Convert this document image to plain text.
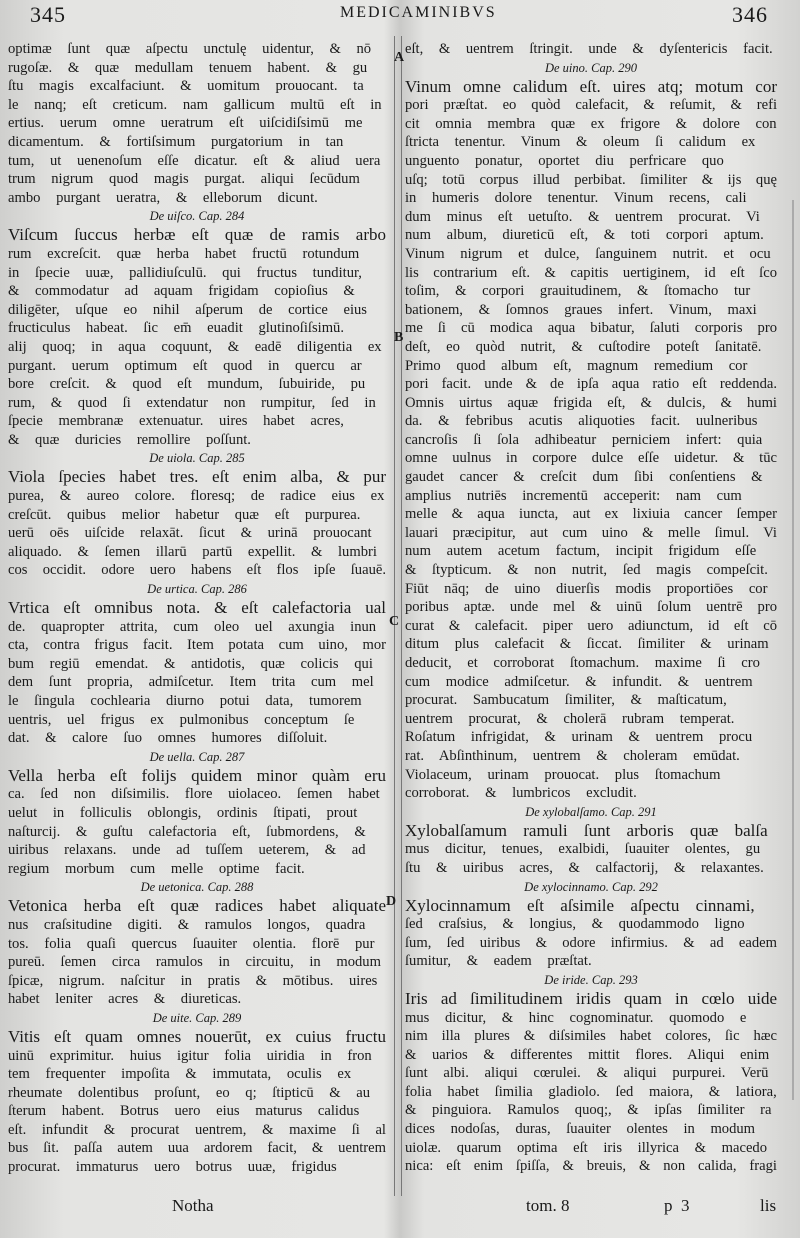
345	MEDICAMINIBVS	346
optimæ ſunt quæ aſpectu unctulę uidentur, & nō
rugoſæ. & quæ medullam tenuem habent. & gu
ſtu magis excalfaciunt. & uomitum prouocant. ta
le nanq; eſt creticum. nam gallicum multū eſt in
ertius. uerum omne ueratrum eſt uiſcidiſsimū me
dicamentum. & fortiſsimum purgatorium in tan
tum, ut uenenoſum eſſe dicatur. eſt & aliud uera
trum nigrum quod magis purgat. aliqui ſecūdum
ambo purgant ueratra, & elleborum dicunt.
De uiſco. Cap. 284
Viſcum ſuccus herbæ eſt quæ de ramis arbo
rum excreſcit. quæ herba habet fructū rotundum
in ſpecie uuæ, pallidiuſculū. qui fructus tunditur,
& commodatur ad aquam frigidam copioſius &
diligēter, uſque eo nihil aſperum de cortice eius
fructiculus habeat. ſic em̄ euadit glutinoſiſsimū.
alij quoq; in aqua coquunt, & eadē diligentia ex
purgant. uerum optimum eſt quod in quercu ar
bore creſcit. & quod eſt mundum, ſubuiride, pu
rum, & quod ſi extendatur non rumpitur, ſed in
ſpecie membranæ extenuatur. uires habet acres,
& quæ duricies remollire poſſunt.
De uiola. Cap. 285
Viola ſpecies habet tres. eſt enim alba, & pur
purea, & aureo colore. floresq; de radice eius ex
creſcūt. quibus melior habetur quæ eſt purpurea.
uerū oēs uiſcide relaxāt. ſicut & urinā prouocant
aliquado. & ſemen illarū partū expellit. & lumbri
cos occidit. odore uero habens eſt flos ipſe ſuauē.
De urtica. Cap. 286
Vrtica eſt omnibus nota. & eſt calefactoria ual
de. quapropter attrita, cum oleo uel axungia inun
cta, contra frigus facit. Item potata cum uino, mor
bum regiū emendat. & antidotis, quæ colicis qui
dem ſunt propria, admiſcetur. Item trita cum mel
le ſingula cochlearia diurno potui data, tumorem
uentris, uel frigus ex pulmonibus conceptum ſe
dat. & calore ſuo omnes humores diſſoluit.
De uella. Cap. 287
Vella herba eſt folijs quidem minor quàm eru
ca. ſed non diſsimilis. flore uiolaceo. ſemen habet
uelut in folliculis oblongis, ordinis ſtipati, prout
naſturcij. & guſtu calefactoria eſt, ſubmordens, &
uiribus relaxans. unde ad tuſſem ueterem, & ad
regium morbum cum melle optime facit.
De uetonica. Cap. 288
Vetonica herba eſt quæ radices habet aliquate
nus craſsitudine digiti. & ramulos longos, quadra
tos. folia quaſi quercus ſuauiter olentia. florē pur
pureū. ſemen circa ramulos in circuitu, in modum
ſpicæ, nigrum. naſcitur in pratis & mōtibus. uires
habet leniter acres & diureticas.
De uite. Cap. 289
Vitis eſt quam omnes nouerūt, ex cuius fructu
uinū exprimitur. huius igitur folia uiridia in fron
tem frequenter impoſita & immutata, oculis ex
rheumate dolentibus proſunt, eo q; ſtipticū & au
ſterum habent. Botrus uero eius maturus calidus
eſt. infundit & procurat uentrem, & maxime ſi al
bus ſit. paſſa autem uua ardorem facit, & uentrem
procurat. immaturus uero botrus uuæ, frigidus
eſt, & uentrem ſtringit. unde & dyſentericis facit.
De uino. Cap. 290
Vinum omne calidum eſt. uires atq; motum cor
pori præſtat. eo quòd calefacit, & reſumit, & refi
cit omnia membra quæ ex frigore & dolore con
ſtricta tenentur. Vinum & oleum ſi calidum ex
unguento ponatur, oportet diu perfricare quo
uſq; totū corpus illud perbibat. ſimiliter & ijs quę
in humeris dolore tenentur. Vinum recens, cali
dum minus eſt uetuſto. & uentrem procurat. Vi
num album, diureticū eſt, & toti corpori aptum.
Vinum nigrum et dulce, ſanguinem nutrit. et ocu
lis contrarium eſt. & capitis uertiginem, id eſt ſco
toſim, & corpori grauitudinem, & ſtomacho tur
bationem, & ſomnos graues infert. Vinum, maxi
me ſi cū modica aqua bibatur, ſaluti corporis pro
deſt, eo quòd nutrit, & cuſtodire poteſt ſanitatē.
Primo quod album eſt, magnum remedium cor
pori facit. unde & de ipſa aqua ratio eſt reddenda.
Omnis uirtus aquæ frigida eſt, & dulcis, & humi
da. & febribus acutis aliquoties facit. uulneribus
cancroſis ſi ſola adhibeatur perniciem infert: quia
omne uulnus in corpore dulce eſſe uidetur. & tūc
gaudet cancer & creſcit dum ſibi conſentiens &
amplius nutriēs incrementū acceperit: nam cum
melle & aqua iuncta, aut ex lixiuia cancer ſemper
lauari præcipitur, aut cum uino & melle ſimul. Vi
num autem acetum factum, incipit frigidum eſſe
& ſtypticum. & non nutrit, ſed magis compeſcit.
Fiūt nāq; de uino diuerſis modis proportiōes cor
poribus aptæ. unde mel & uinū ſolum uentrē pro
curat & calefacit. piper uero adiunctum, id eſt cō
ditum plus calefacit & ſiccat. ſimiliter & urinam
deducit, et corroborat ſtomachum. maxime ſi cro
cum modice admiſcetur. & infundit. & uentrem
procurat. Sambucatum ſimiliter, & maſticatum,
uentrem procurat, & cholerā rubram temperat.
Roſatum infrigidat, & urinam & uentrem procu
rat. Abſinthinum, uentrem & choleram emūdat.
Violaceum, urinam prouocat. plus ſtomachum
corroborat. & lumbricos excludit.
De xylobalſamo. Cap. 291
Xylobalſamum ramuli ſunt arboris quæ balſa
mus dicitur, tenues, exalbidi, ſuauiter olentes, gu
ſtu & uiribus acres, & calfactorij, & relaxantes.
De xylocinnamo. Cap. 292
Xylocinnamum eſt aſsimile aſpectu cinnami,
ſed craſsius, & longius, & quodammodo ligno
ſum, ſed uiribus & odore infirmius. & ad eadem
ſumitur, & eadem præſtat.
De iride. Cap. 293
Iris ad ſimilitudinem iridis quam in cœlo uide
mus dicitur, & hinc cognominatur. quomodo e
nim illa plures & diſsimiles habet colores, ſic hæc
& uarios & differentes mittit flores. Aliqui enim
ſunt albi. aliqui cœrulei. & aliqui purpurei. Verū
folia habet ſimilia gladiolo. ſed maiora, & latiora,
& pinguiora. Ramulos quoq;, & ipſas ſimiliter ra
dices nodoſas, duras, ſuauiter olentes in modum
uiolæ. quarum optima eſt iris illyrica & macedo
nica: eſt enim ſpiſſa, & breuis, & non calida, fragi
A
B
C
D
Notha	tom. 8	p  3	lis
